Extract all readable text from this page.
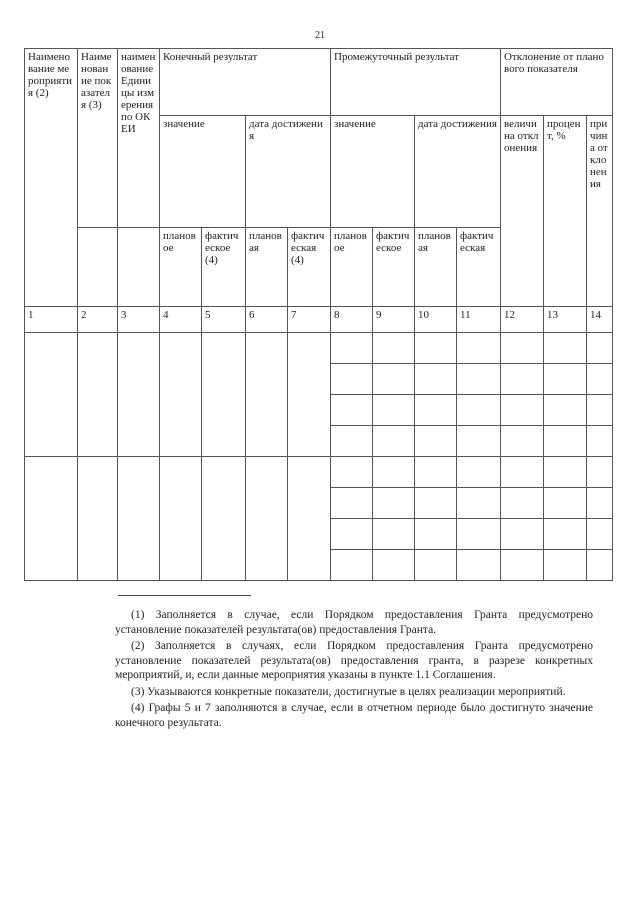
21
Наименование мероприятия (2)	Наименование показателя (3)	наименование Единицы измерения по ОКЕИ	Конечный результат				Промежуточный результат				Отклонение от планового показателя		
			значение		дата достижения		значение		дата достижения		величина отклонения	процент, %	причина отклонения
			плановое	фактическое (4)	плановая	фактическая (4)	плановое	фактическое	плановая	фактическая			
1	2	3	4	5	6	7	8	9	10	11	12	13	14

(1) Заполняется в случае, если Порядком предоставления Гранта предусмотрено установление показателей результата(ов) предоставления Гранта.

(2) Заполняется в случаях, если Порядком предоставления Гранта предусмотрено установление показателей результата(ов) предоставления гранта, в разрезе конкретных мероприятий, и, если данные мероприятия указаны в пункте 1.1 Соглашения.

(3) Указываются конкретные показатели, достигнутые в целях реализации мероприятий.

(4) Графы 5 и 7 заполняются в случае, если в отчетном периоде было достигнуто значение конечного результата.
